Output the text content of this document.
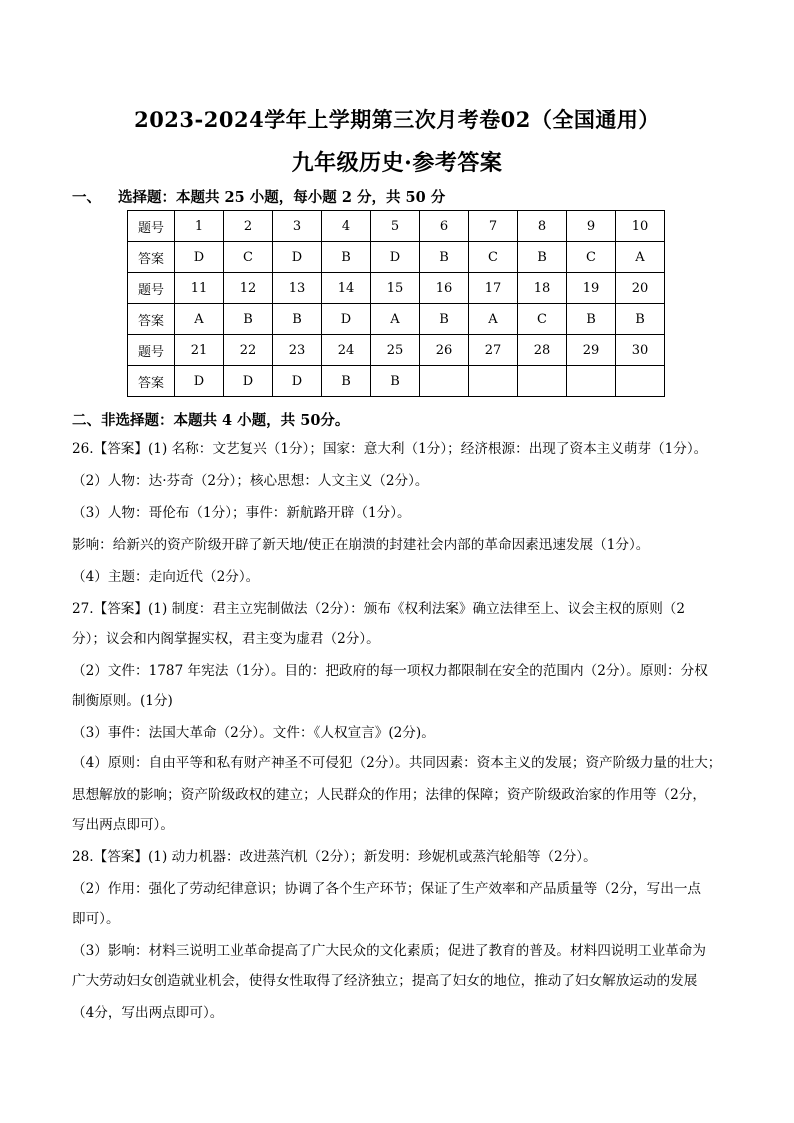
2023-2024学年上学期第三次月考卷02（全国通用）
九年级历史·参考答案
一、 选择题：本题共 25 小题，每小题 2 分，共 50 分
题号	1	2	3	4	5	6	7	8	9	10
答案	D	C	D	B	D	B	C	B	C	A
题号	11	12	13	14	15	16	17	18	19	20
答案	A	B	B	D	A	B	A	C	B	B
题号	21	22	23	24	25	26	27	28	29	30
答案	D	D	D	B	B					
二、非选择题：本题共 4 小题，共 50分。
26.【答案】(1) 名称：文艺复兴（1分）；国家：意大利（1分）；经济根源：出现了资本主义萌芽（1分）。
（2）人物：达·芬奇（2分）；核心思想：人文主义（2分）。
（3）人物：哥伦布（1分）；事件：新航路开辟（1分）。
影响：给新兴的资产阶级开辟了新天地/使正在崩溃的封建社会内部的革命因素迅速发展（1分）。
（4）主题：走向近代（2分）。
27.【答案】(1) 制度：君主立宪制做法（2分）：颁布《权利法案》确立法律至上、议会主权的原则（2
分）；议会和内阁掌握实权，君主变为虚君（2分）。
（2）文件：1787 年宪法（1分）。目的：把政府的每一项权力都限制在安全的范围内（2分）。原则：分权
制衡原则。(1分)
（3）事件：法国大革命（2分）。文件：《人权宣言》(2分)。
（4）原则：自由平等和私有财产神圣不可侵犯（2分）。共同因素：资本主义的发展；资产阶级力量的壮大；
思想解放的影响；资产阶级政权的建立；人民群众的作用；法律的保障；资产阶级政治家的作用等（2分，
写出两点即可）。
28.【答案】(1) 动力机器：改进蒸汽机（2分）；新发明：珍妮机或蒸汽轮船等（2分）。
（2）作用：强化了劳动纪律意识；协调了各个生产环节；保证了生产效率和产品质量等（2分，写出一点
即可）。
（3）影响：材料三说明工业革命提高了广大民众的文化素质；促进了教育的普及。材料四说明工业革命为
广大劳动妇女创造就业机会，使得女性取得了经济独立；提高了妇女的地位，推动了妇女解放运动的发展
（4分，写出两点即可）。
